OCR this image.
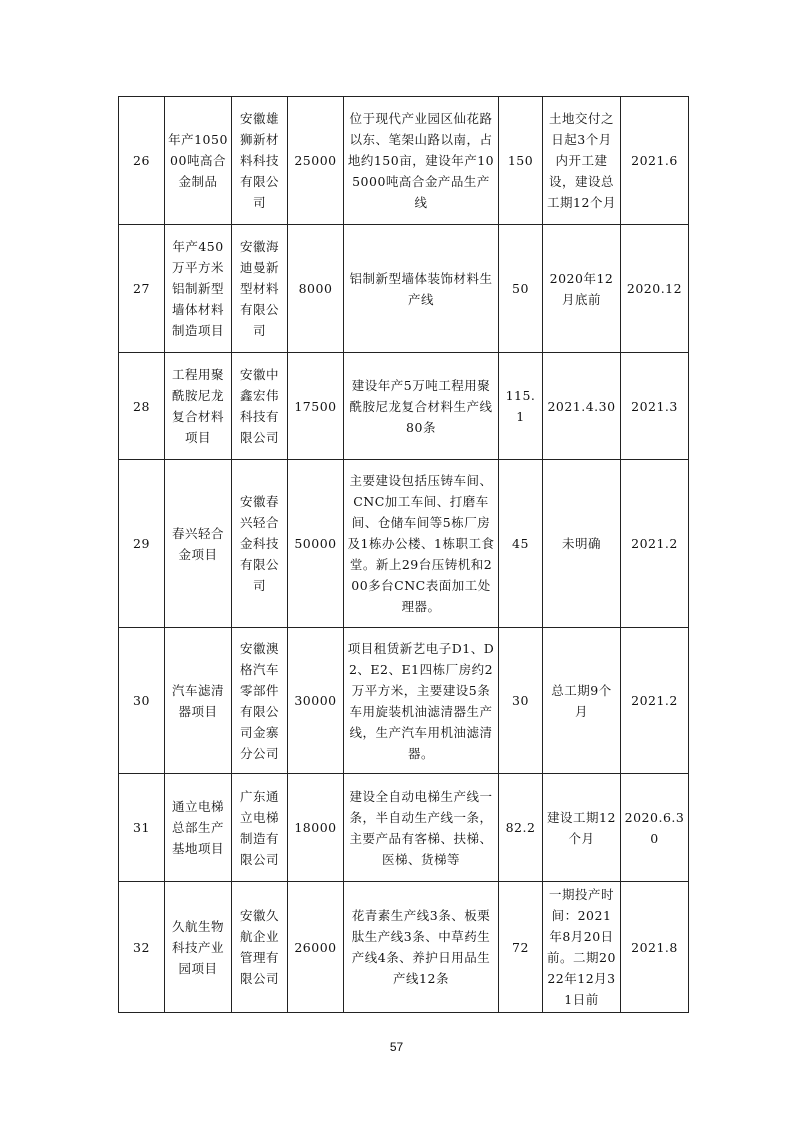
26	年产105000吨高合金制品	安徽雄狮新材料科技有限公司	25000	位于现代产业园区仙花路以东、笔架山路以南，占地约150亩，建设年产105000吨高合金产品生产线	150	土地交付之日起3个月内开工建设，建设总工期12个月	2021.6
27	年产450万平方米铝制新型墙体材料制造项目	安徽海迪曼新型材料有限公司	8000	铝制新型墙体装饰材料生产线	50	2020年12月底前	2020.12
28	工程用聚酰胺尼龙复合材料项目	安徽中鑫宏伟科技有限公司	17500	建设年产5万吨工程用聚酰胺尼龙复合材料生产线80条	115.1	2021.4.30	2021.3
29	春兴轻合金项目	安徽春兴轻合金科技有限公司	50000	主要建设包括压铸车间、CNC加工车间、打磨车间、仓储车间等5栋厂房及1栋办公楼、1栋职工食堂。新上29台压铸机和200多台CNC表面加工处理器。	45	未明确	2021.2
30	汽车滤清器项目	安徽澳格汽车零部件有限公司金寨分公司	30000	项目租赁新艺电子D1、D2、E2、E1四栋厂房约2万平方米，主要建设5条车用旋装机油滤清器生产线，生产汽车用机油滤清器。	30	总工期9个月	2021.2
31	通立电梯总部生产基地项目	广东通立电梯制造有限公司	18000	建设全自动电梯生产线一条，半自动生产线一条，主要产品有客梯、扶梯、医梯、货梯等	82.2	建设工期12个月	2020.6.30
32	久航生物科技产业园项目	安徽久航企业管理有限公司	26000	花青素生产线3条、板栗肽生产线3条、中草药生产线4条、养护日用品生产线12条	72	一期投产时间：2021年8月20日前。二期2022年12月31日前	2021.8
57
